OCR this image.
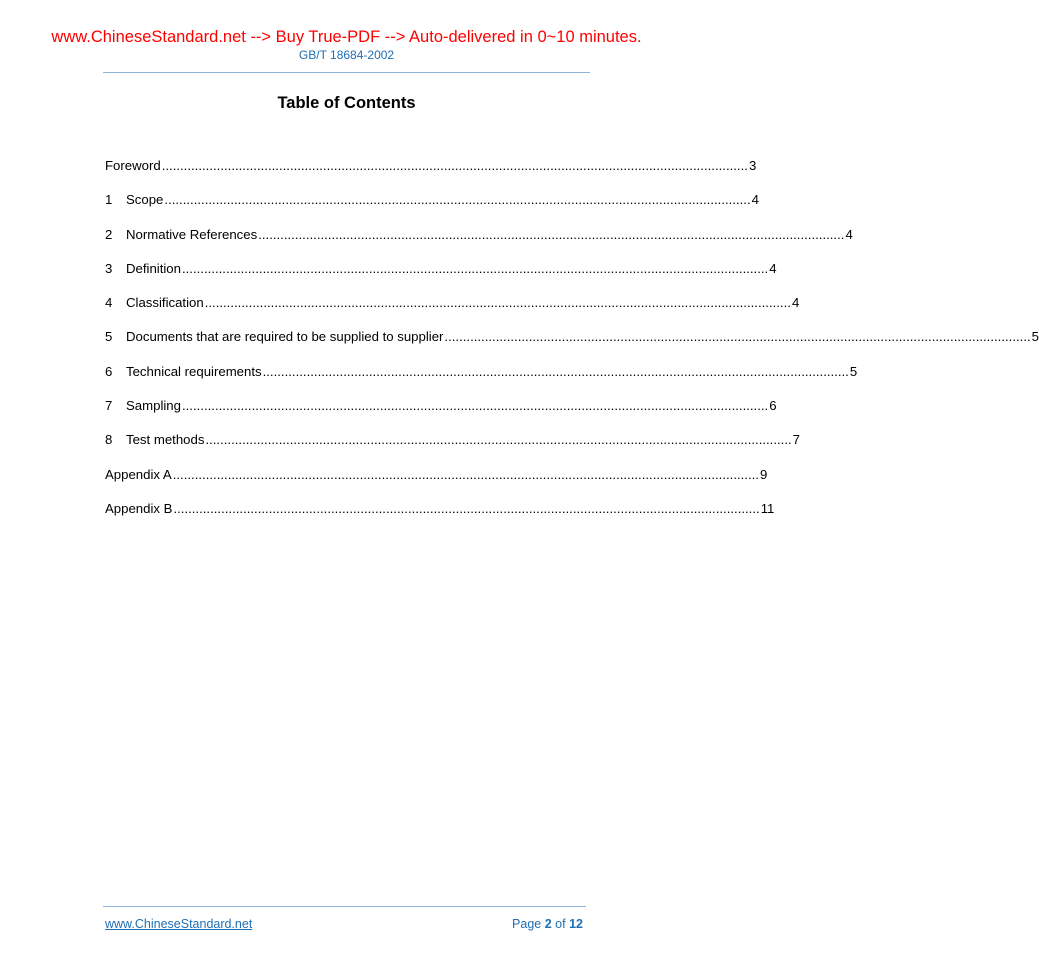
www.ChineseStandard.net --> Buy True-PDF --> Auto-delivered in 0~10 minutes.
GB/T 18684-2002
Table of Contents
Foreword ................................................................................................................................................................ 3
1	Scope ................................................................................................................................................................ 4
2	Normative References ................................................................................................................................................................ 4
3	Definition ................................................................................................................................................................ 4
4	Classification ................................................................................................................................................................ 4
5	Documents that are required to be supplied to supplier ................................................................................................................................................................ 5
6	Technical requirements ................................................................................................................................................................ 5
7	Sampling ................................................................................................................................................................ 6
8	Test methods ................................................................................................................................................................ 7
Appendix A ................................................................................................................................................................ 9
Appendix B ................................................................................................................................................................ 11
www.ChineseStandard.net	Page 2 of 12
